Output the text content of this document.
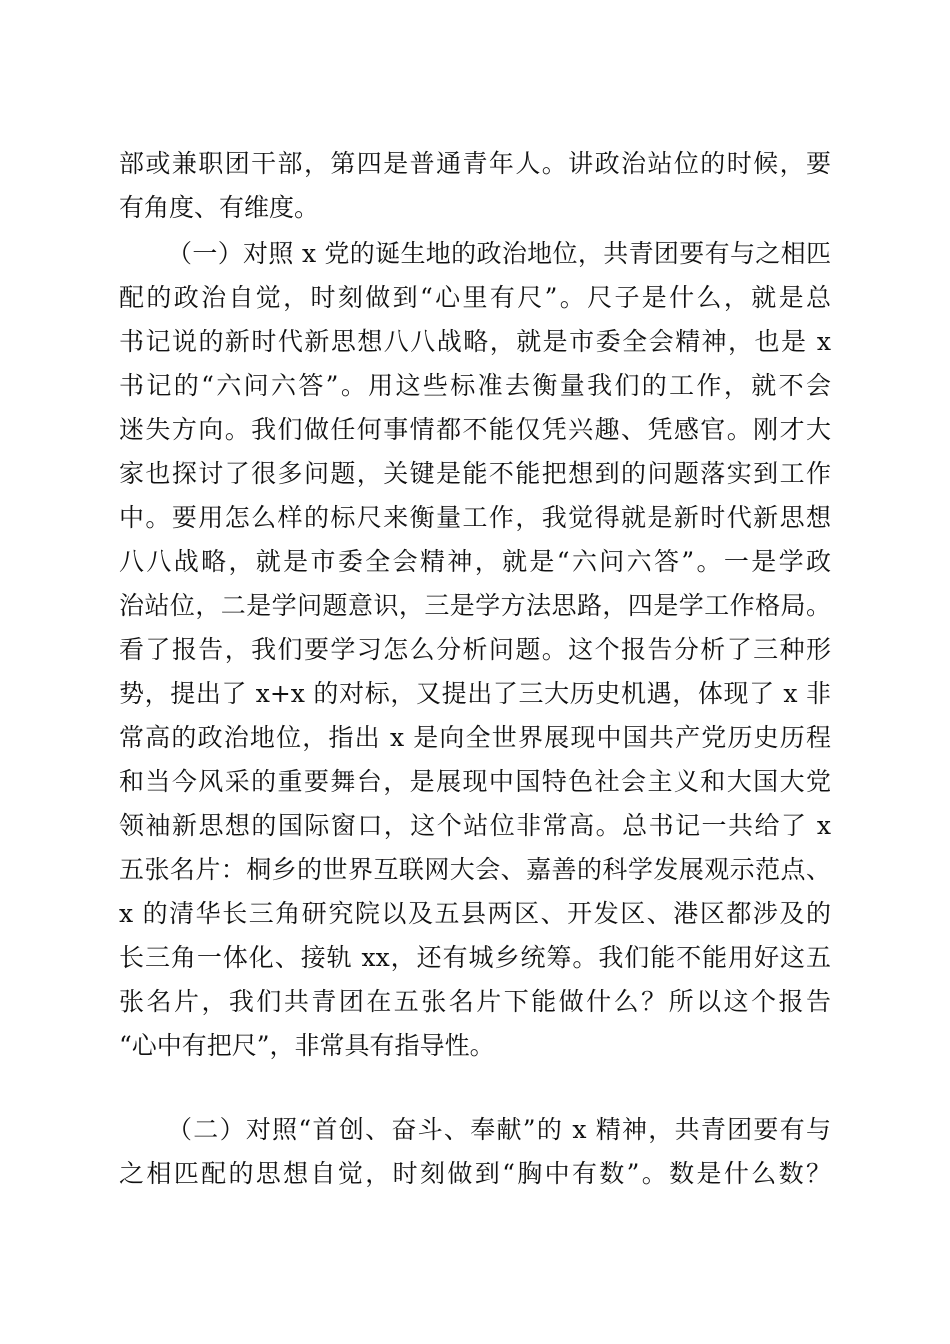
部或兼职团干部，第四是普通青年人。讲政治站位的时候，要
有角度、有维度。
（一）对照 x 党的诞生地的政治地位，共青团要有与之相匹
配的政治自觉，时刻做到“心里有尺”。尺子是什么，就是总
书记说的新时代新思想八八战略，就是市委全会精神，也是 x
书记的“六问六答”。用这些标准去衡量我们的工作，就不会
迷失方向。我们做任何事情都不能仅凭兴趣、凭感官。刚才大
家也探讨了很多问题，关键是能不能把想到的问题落实到工作
中。要用怎么样的标尺来衡量工作，我觉得就是新时代新思想
八八战略，就是市委全会精神，就是“六问六答”。一是学政
治站位，二是学问题意识，三是学方法思路，四是学工作格局。
看了报告，我们要学习怎么分析问题。这个报告分析了三种形
势，提出了 x+x 的对标，又提出了三大历史机遇，体现了 x 非
常高的政治地位，指出 x 是向全世界展现中国共产党历史历程
和当今风采的重要舞台，是展现中国特色社会主义和大国大党
领袖新思想的国际窗口，这个站位非常高。总书记一共给了 x
五张名片：桐乡的世界互联网大会、嘉善的科学发展观示范点、
x 的清华长三角研究院以及五县两区、开发区、港区都涉及的
长三角一体化、接轨 xx，还有城乡统筹。我们能不能用好这五
张名片，我们共青团在五张名片下能做什么？所以这个报告
“心中有把尺”，非常具有指导性。
（二）对照“首创、奋斗、奉献”的 x 精神，共青团要有与
之相匹配的思想自觉，时刻做到“胸中有数”。数是什么数？
